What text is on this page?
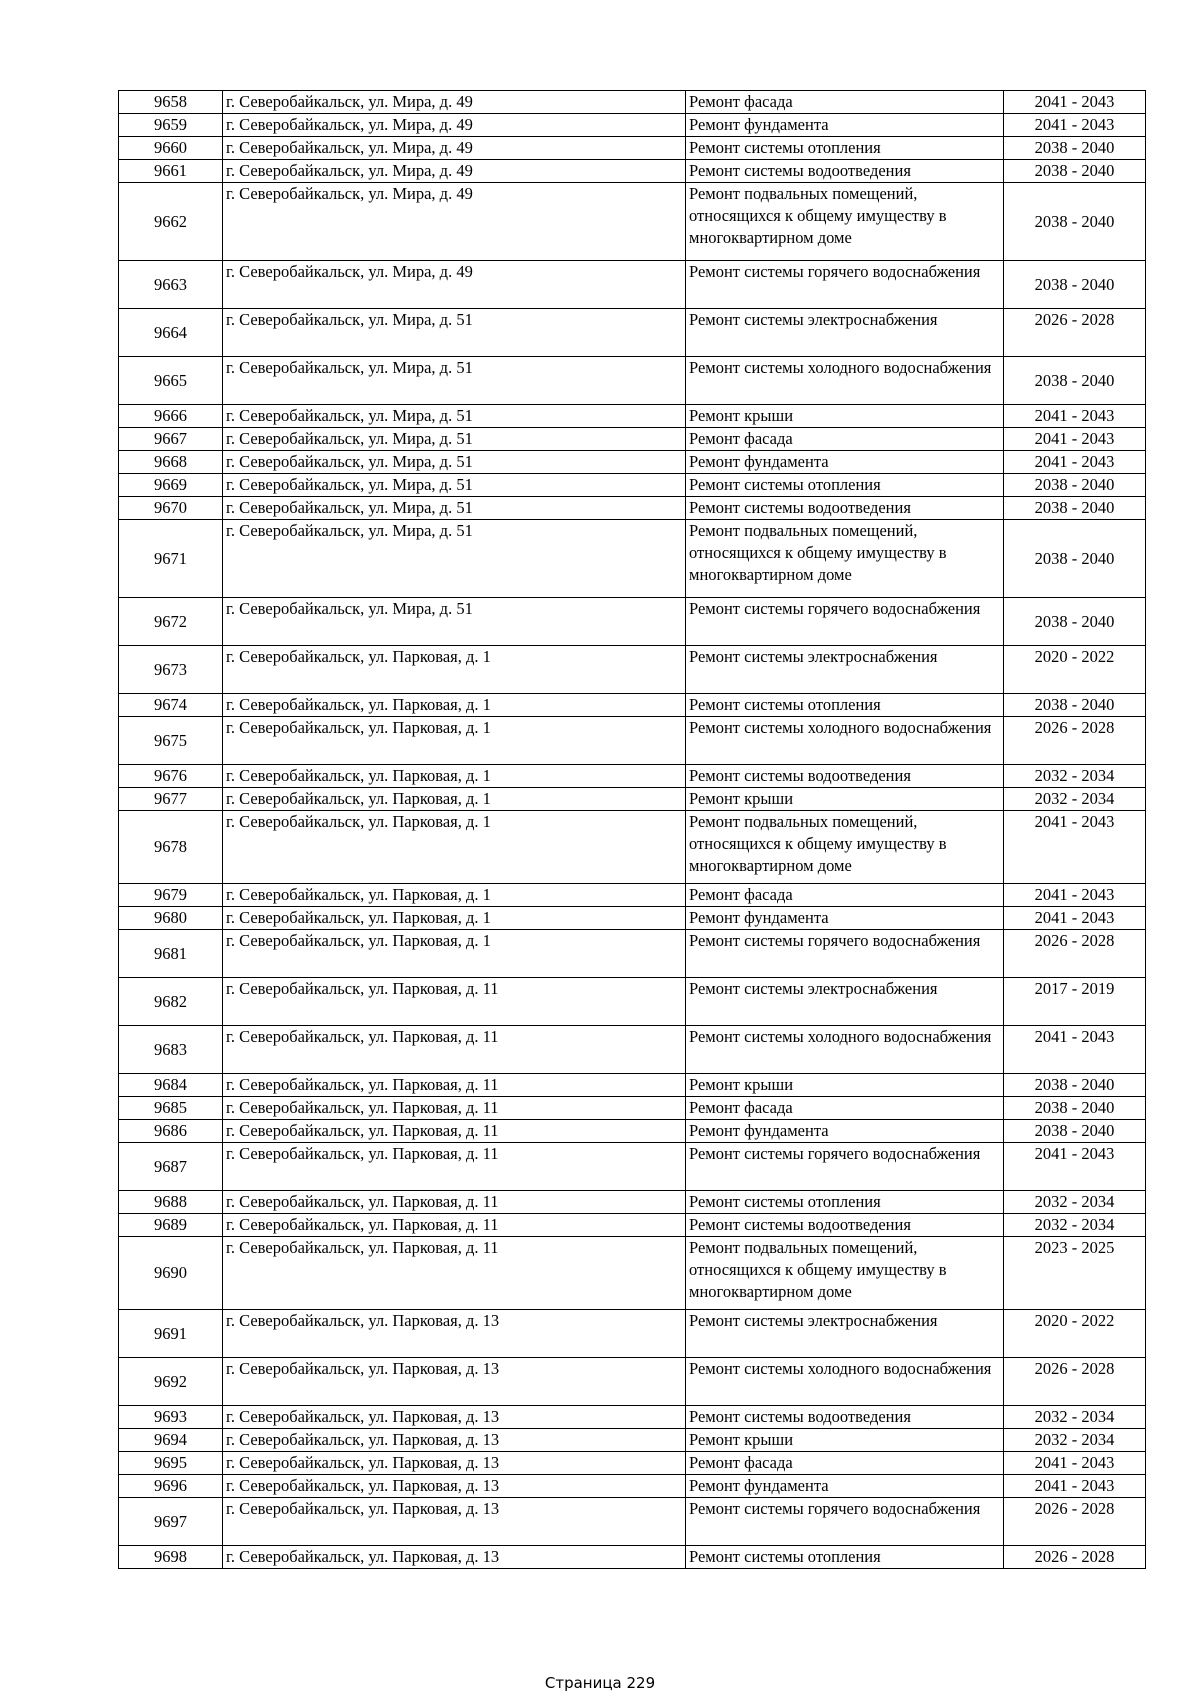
9658	г. Северобайкальск, ул. Мира, д. 49	Ремонт фасада	2041 - 2043
9659	г. Северобайкальск, ул. Мира, д. 49	Ремонт фундамента	2041 - 2043
9660	г. Северобайкальск, ул. Мира, д. 49	Ремонт системы отопления	2038 - 2040
9661	г. Северобайкальск, ул. Мира, д. 49	Ремонт системы водоотведения	2038 - 2040
9662	г. Северобайкальск, ул. Мира, д. 49	Ремонт подвальных помещений, относящихся к общему имуществу в многоквартирном доме	2038 - 2040
9663	г. Северобайкальск, ул. Мира, д. 49	Ремонт системы горячего водоснабжения	2038 - 2040
9664	г. Северобайкальск, ул. Мира, д. 51	Ремонт системы электроснабжения	2026 - 2028
9665	г. Северобайкальск, ул. Мира, д. 51	Ремонт системы холодного водоснабжения	2038 - 2040
9666	г. Северобайкальск, ул. Мира, д. 51	Ремонт крыши	2041 - 2043
9667	г. Северобайкальск, ул. Мира, д. 51	Ремонт фасада	2041 - 2043
9668	г. Северобайкальск, ул. Мира, д. 51	Ремонт фундамента	2041 - 2043
9669	г. Северобайкальск, ул. Мира, д. 51	Ремонт системы отопления	2038 - 2040
9670	г. Северобайкальск, ул. Мира, д. 51	Ремонт системы водоотведения	2038 - 2040
9671	г. Северобайкальск, ул. Мира, д. 51	Ремонт подвальных помещений, относящихся к общему имуществу в многоквартирном доме	2038 - 2040
9672	г. Северобайкальск, ул. Мира, д. 51	Ремонт системы горячего водоснабжения	2038 - 2040
9673	г. Северобайкальск, ул. Парковая, д. 1	Ремонт системы электроснабжения	2020 - 2022
9674	г. Северобайкальск, ул. Парковая, д. 1	Ремонт системы отопления	2038 - 2040
9675	г. Северобайкальск, ул. Парковая, д. 1	Ремонт системы холодного водоснабжения	2026 - 2028
9676	г. Северобайкальск, ул. Парковая, д. 1	Ремонт системы водоотведения	2032 - 2034
9677	г. Северобайкальск, ул. Парковая, д. 1	Ремонт крыши	2032 - 2034
9678	г. Северобайкальск, ул. Парковая, д. 1	Ремонт подвальных помещений, относящихся к общему имуществу в многоквартирном доме	2041 - 2043
9679	г. Северобайкальск, ул. Парковая, д. 1	Ремонт фасада	2041 - 2043
9680	г. Северобайкальск, ул. Парковая, д. 1	Ремонт фундамента	2041 - 2043
9681	г. Северобайкальск, ул. Парковая, д. 1	Ремонт системы горячего водоснабжения	2026 - 2028
9682	г. Северобайкальск, ул. Парковая, д. 11	Ремонт системы электроснабжения	2017 - 2019
9683	г. Северобайкальск, ул. Парковая, д. 11	Ремонт системы холодного водоснабжения	2041 - 2043
9684	г. Северобайкальск, ул. Парковая, д. 11	Ремонт крыши	2038 - 2040
9685	г. Северобайкальск, ул. Парковая, д. 11	Ремонт фасада	2038 - 2040
9686	г. Северобайкальск, ул. Парковая, д. 11	Ремонт фундамента	2038 - 2040
9687	г. Северобайкальск, ул. Парковая, д. 11	Ремонт системы горячего водоснабжения	2041 - 2043
9688	г. Северобайкальск, ул. Парковая, д. 11	Ремонт системы отопления	2032 - 2034
9689	г. Северобайкальск, ул. Парковая, д. 11	Ремонт системы водоотведения	2032 - 2034
9690	г. Северобайкальск, ул. Парковая, д. 11	Ремонт подвальных помещений, относящихся к общему имуществу в многоквартирном доме	2023 - 2025
9691	г. Северобайкальск, ул. Парковая, д. 13	Ремонт системы электроснабжения	2020 - 2022
9692	г. Северобайкальск, ул. Парковая, д. 13	Ремонт системы холодного водоснабжения	2026 - 2028
9693	г. Северобайкальск, ул. Парковая, д. 13	Ремонт системы водоотведения	2032 - 2034
9694	г. Северобайкальск, ул. Парковая, д. 13	Ремонт крыши	2032 - 2034
9695	г. Северобайкальск, ул. Парковая, д. 13	Ремонт фасада	2041 - 2043
9696	г. Северобайкальск, ул. Парковая, д. 13	Ремонт фундамента	2041 - 2043
9697	г. Северобайкальск, ул. Парковая, д. 13	Ремонт системы горячего водоснабжения	2026 - 2028
9698	г. Северобайкальск, ул. Парковая, д. 13	Ремонт системы отопления	2026 - 2028
Страница 229
